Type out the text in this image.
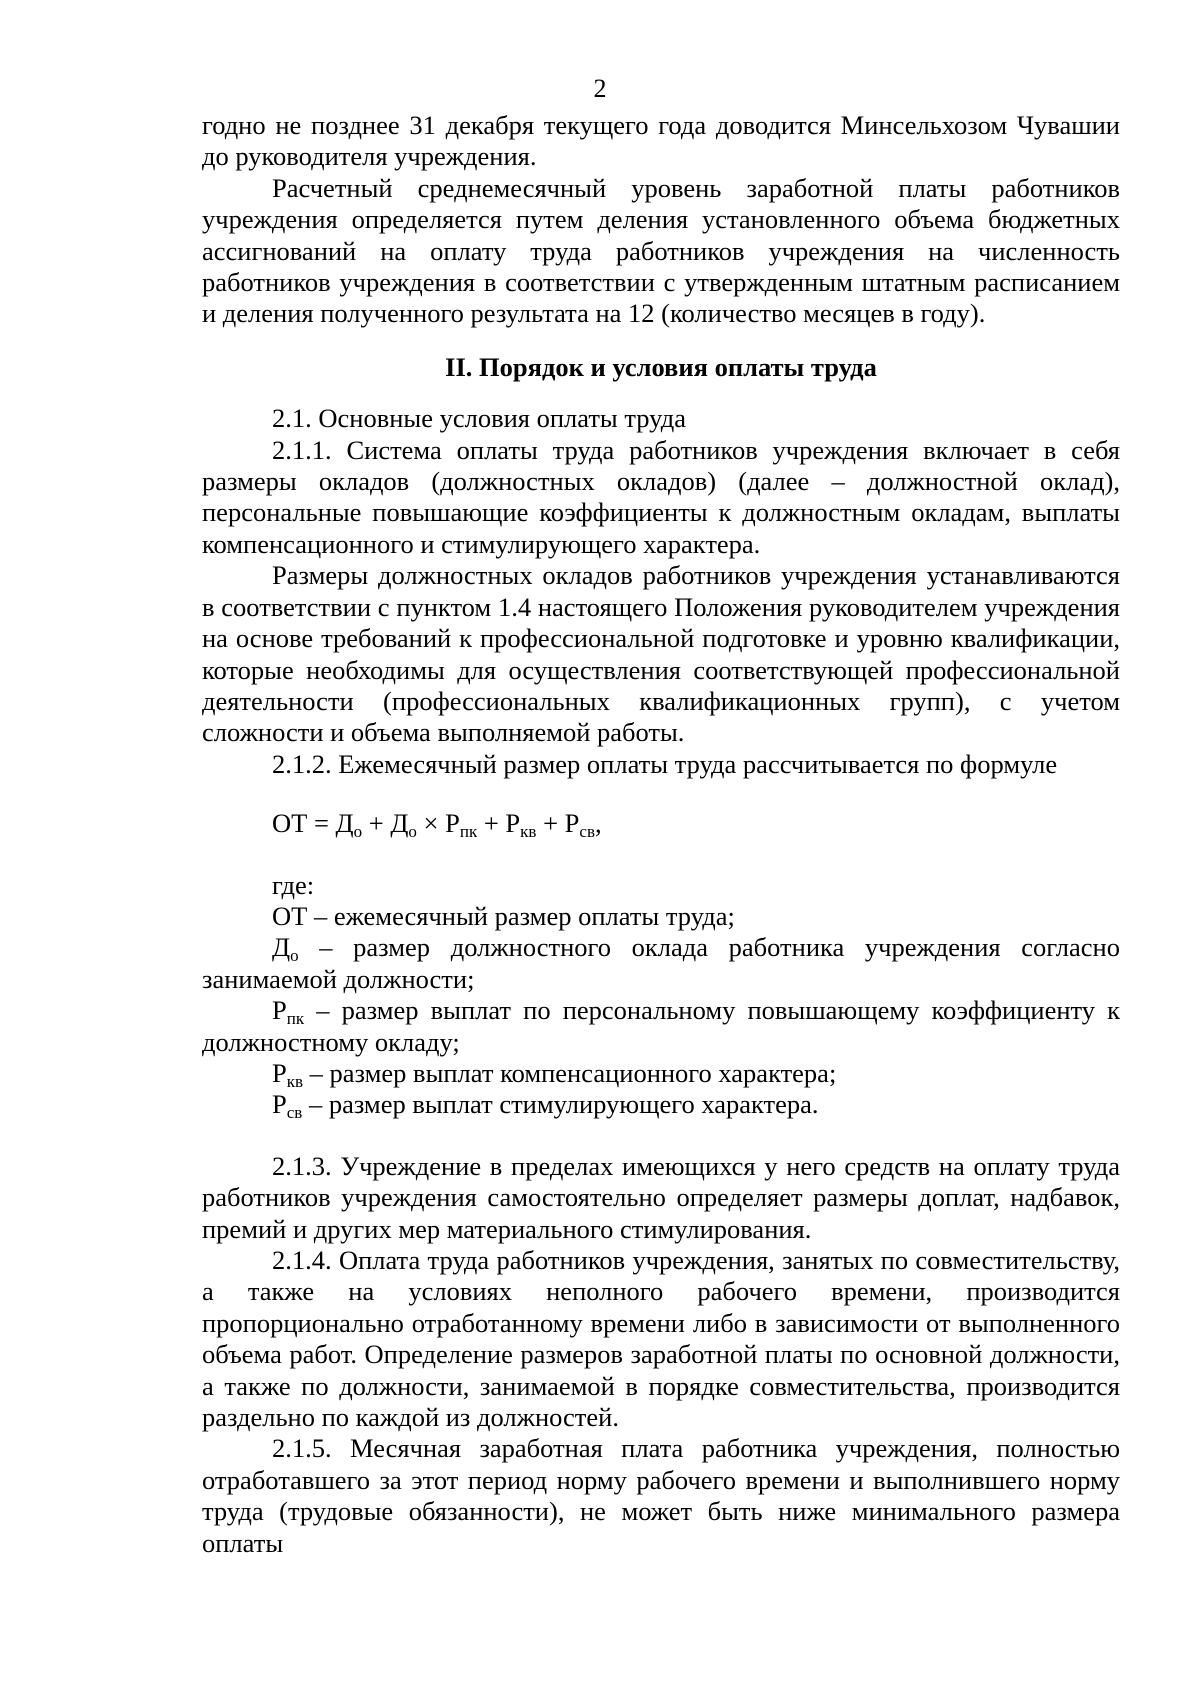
2

годно не позднее 31 декабря текущего года доводится Минсельхозом Чувашии до руководителя учреждения.

Расчетный среднемесячный уровень заработной платы работников учреждения определяется путем деления установленного объема бюджетных ассигнований на оплату труда работников учреждения на численность работников учреждения в соответствии с утвержденным штатным расписанием и деления полученного результата на 12 (количество месяцев в году).

II. Порядок и условия оплаты труда

2.1. Основные условия оплаты труда

2.1.1. Система оплаты труда работников учреждения включает в себя размеры окладов (должностных окладов) (далее – должностной оклад), персональные повышающие коэффициенты к должностным окладам, выплаты компенсационного и стимулирующего характера.

Размеры должностных окладов работников учреждения устанавливаются в соответствии с пунктом 1.4 настоящего Положения руководителем учреждения на основе требований к профессиональной подготовке и уровню квалификации, которые необходимы для осуществления соответствующей профессиональной деятельности (профессиональных квалификационных групп), с учетом сложности и объема выполняемой работы.

2.1.2. Ежемесячный размер оплаты труда рассчитывается по формуле

ОТ = $Д_о + Д_о \times Р_{пк} + Р_{кв} + Р_{св}$,

где:

ОТ – ежемесячный размер оплаты труда;

$Д_о$ – размер должностного оклада работника учреждения согласно занимаемой должности;

$Р_{пк}$ – размер выплат по персональному повышающему коэффициенту к должностному окладу;

$Р_{кв}$ – размер выплат компенсационного характера;

$Р_{св}$ – размер выплат стимулирующего характера.

2.1.3. Учреждение в пределах имеющихся у него средств на оплату труда работников учреждения самостоятельно определяет размеры доплат, надбавок, премий и других мер материального стимулирования.

2.1.4. Оплата труда работников учреждения, занятых по совместительству, а также на условиях неполного рабочего времени, производится пропорционально отработанному времени либо в зависимости от выполненного объема работ. Определение размеров заработной платы по основной должности, а также по должности, занимаемой в порядке совместительства, производится раздельно по каждой из должностей.

2.1.5. Месячная заработная плата работника учреждения, полностью отработавшего за этот период норму рабочего времени и выполнившего норму труда (трудовые обязанности), не может быть ниже минимального размера оплаты
